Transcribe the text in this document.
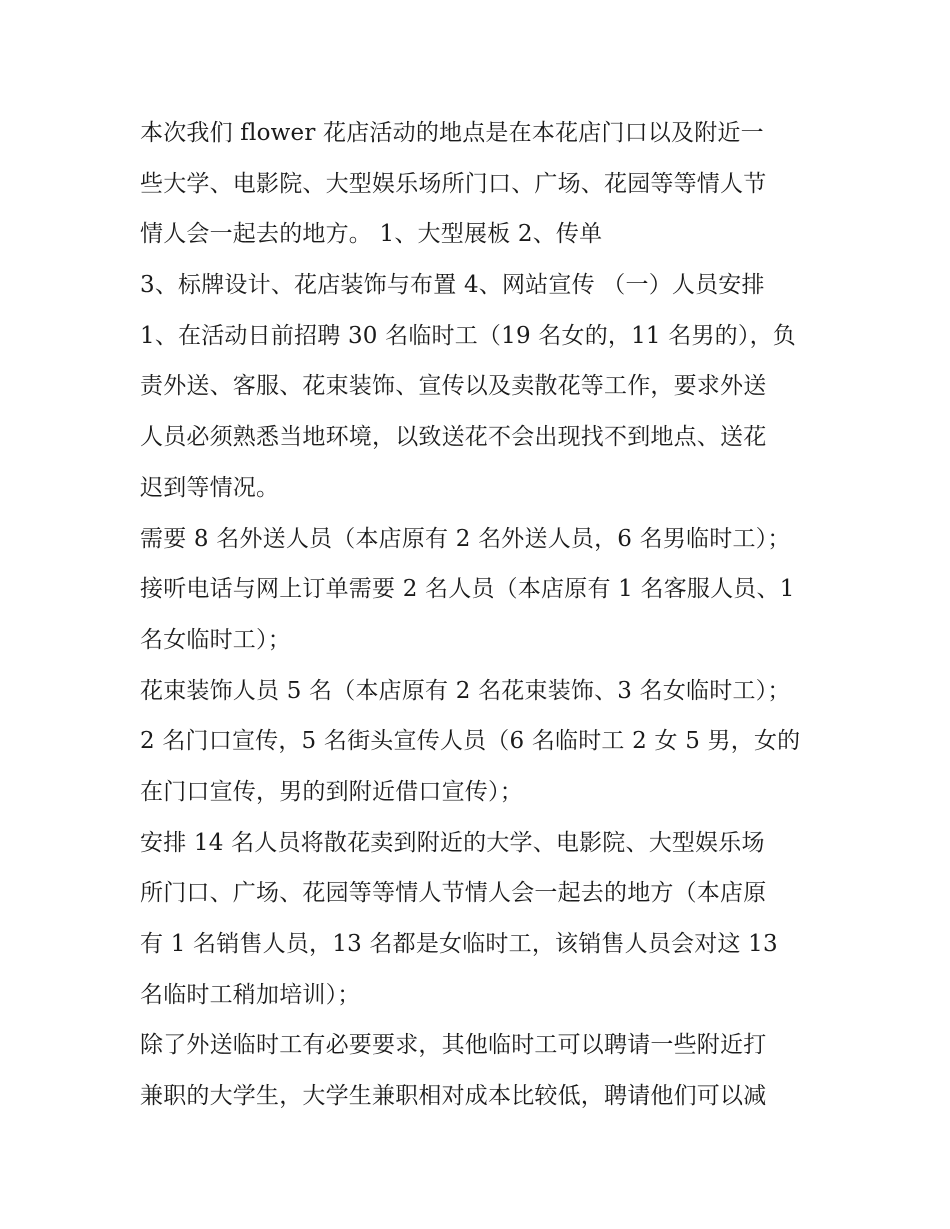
本次我们 flower 花店活动的地点是在本花店门口以及附近一
些大学、电影院、大型娱乐场所门口、广场、花园等等情人节
情人会一起去的地方。 1、大型展板 2、传单
3、标牌设计、花店装饰与布置 4、网站宣传 （一）人员安排
1、在活动日前招聘 30 名临时工（19 名女的，11 名男的），负
责外送、客服、花束装饰、宣传以及卖散花等工作，要求外送
人员必须熟悉当地环境，以致送花不会出现找不到地点、送花
迟到等情况。
需要 8 名外送人员（本店原有 2 名外送人员，6 名男临时工）；
接听电话与网上订单需要 2 名人员（本店原有 1 名客服人员、1
名女临时工）；
花束装饰人员 5 名（本店原有 2 名花束装饰、3 名女临时工）；
2 名门口宣传，5 名街头宣传人员（6 名临时工 2 女 5 男，女的
在门口宣传，男的到附近借口宣传）；
安排 14 名人员将散花卖到附近的大学、电影院、大型娱乐场
所门口、广场、花园等等情人节情人会一起去的地方（本店原
有 1 名销售人员，13 名都是女临时工，该销售人员会对这 13
名临时工稍加培训）；
除了外送临时工有必要要求，其他临时工可以聘请一些附近打
兼职的大学生，大学生兼职相对成本比较低，聘请他们可以减
